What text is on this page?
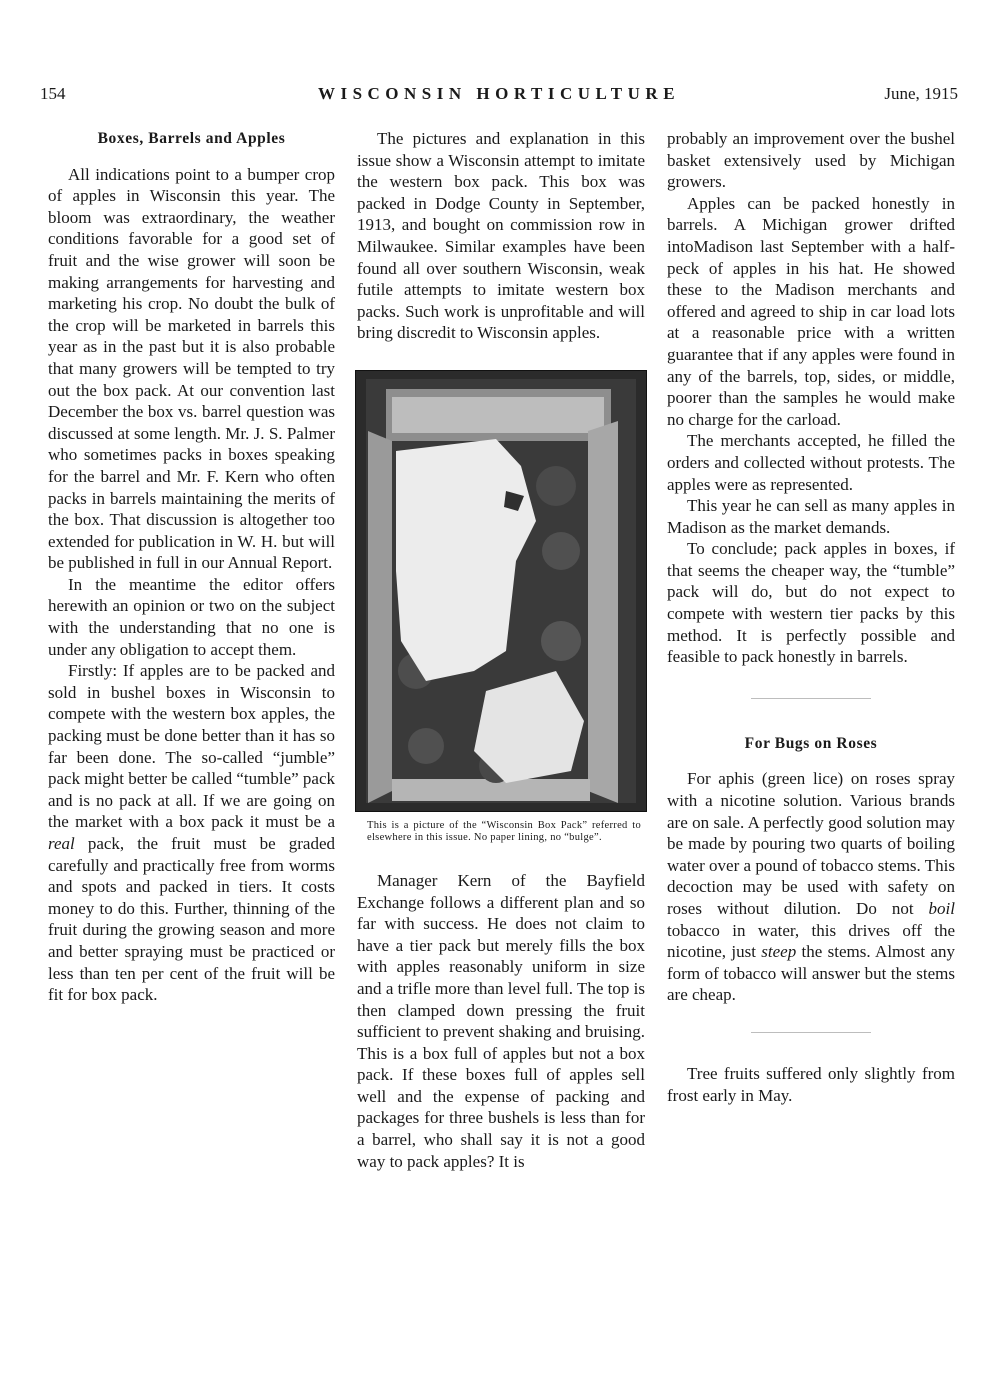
154	WISCONSIN HORTICULTURE	June, 1915
Boxes, Barrels and Apples

All indications point to a bumper crop of apples in Wisconsin this year. The bloom was extraordinary, the weather conditions favorable for a good set of fruit and the wise grower will soon be making arrangements for harvesting and marketing his crop. No doubt the bulk of the crop will be marketed in barrels this year as in the past but it is also probable that many growers will be tempted to try out the box pack. At our convention last December the box vs. barrel question was discussed at some length. Mr. J. S. Palmer who sometimes packs in boxes speaking for the barrel and Mr. F. Kern who often packs in barrels maintaining the merits of the box. That discussion is altogether too extended for publication in W. H. but will be published in full in our Annual Report.

In the meantime the editor offers herewith an opinion or two on the subject with the understanding that no one is under any obligation to accept them.

Firstly: If apples are to be packed and sold in bushel boxes in Wisconsin to compete with the western box apples, the packing must be done better than it has so far been done. The so-called “jumble” pack might better be called “tumble” pack and is no pack at all. If we are going on the market with a box pack it must be a real pack, the fruit must be graded carefully and practically free from worms and spots and packed in tiers. It costs money to do this. Further, thinning of the fruit during the growing season and more and better spraying must be practiced or less than ten per cent of the fruit will be fit for box pack.

The pictures and explanation in this issue show a Wisconsin attempt to imitate the western box pack. This box was packed in Dodge County in September, 1913, and bought on commission row in Milwaukee. Similar examples have been found all over southern Wisconsin, weak futile attempts to imitate western box packs. Such work is unprofitable and will bring discredit to Wisconsin apples.

This is a picture of the “Wisconsin Box Pack” referred to elsewhere in this issue. No paper lining, no “bulge”.

Manager Kern of the Bayfield Exchange follows a different plan and so far with success. He does not claim to have a tier pack but merely fills the box with apples reasonably uniform in size and a trifle more than level full. The top is then clamped down pressing the fruit sufficient to prevent shaking and bruising. This is a box full of apples but not a box pack. If these boxes full of apples sell well and the expense of packing and packages for three bushels is less than for a barrel, who shall say it is not a good way to pack apples? It is

probably an improvement over the bushel basket extensively used by Michigan growers.

Apples can be packed honestly in barrels. A Michigan grower drifted intoMadison last September with a half-peck of apples in his hat. He showed these to the Madison merchants and offered and agreed to ship in car load lots at a reasonable price with a written guarantee that if any apples were found in any of the barrels, top, sides, or middle, poorer than the samples he would make no charge for the carload.

The merchants accepted, he filled the orders and collected without protests. The apples were as represented.

This year he can sell as many apples in Madison as the market demands.

To conclude; pack apples in boxes, if that seems the cheaper way, the “tumble” pack will do, but do not expect to compete with western tier packs by this method. It is perfectly possible and feasible to pack honestly in barrels.

For Bugs on Roses

For aphis (green lice) on roses spray with a nicotine solution. Various brands are on sale. A perfectly good solution may be made by pouring two quarts of boiling water over a pound of tobacco stems. This decoction may be used with safety on roses without dilution. Do not boil tobacco in water, this drives off the nicotine, just steep the stems. Almost any form of tobacco will answer but the stems are cheap.

Tree fruits suffered only slightly from frost early in May.
